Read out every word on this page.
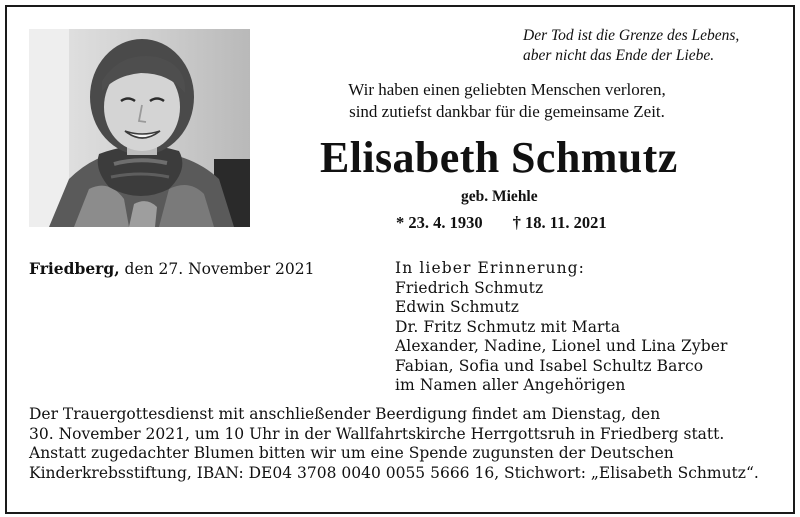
Der Tod ist die Grenze des Lebens,
aber nicht das Ende der Liebe.
Wir haben einen geliebten Menschen verloren,
sind zutiefst dankbar für die gemeinsame Zeit.
Elisabeth Schmutz
geb. Miehle
* 23. 4. 1930 † 18. 11. 2021
Friedberg, den 27. November 2021	In lieber Erinnerung:
Friedrich Schmutz
Edwin Schmutz
Dr. Fritz Schmutz mit Marta
Alexander, Nadine, Lionel und Lina Zyber
Fabian, Sofia und Isabel Schultz Barco
im Namen aller Angehörigen
Der Trauergottesdienst mit anschließender Beerdigung findet am Dienstag, den
30. November 2021, um 10 Uhr in der Wallfahrtskirche Herrgottsruh in Friedberg statt.
Anstatt zugedachter Blumen bitten wir um eine Spende zugunsten der Deutschen
Kinderkrebsstiftung, IBAN: DE04 3708 0040 0055 5666 16, Stichwort: „Elisabeth Schmutz“.
